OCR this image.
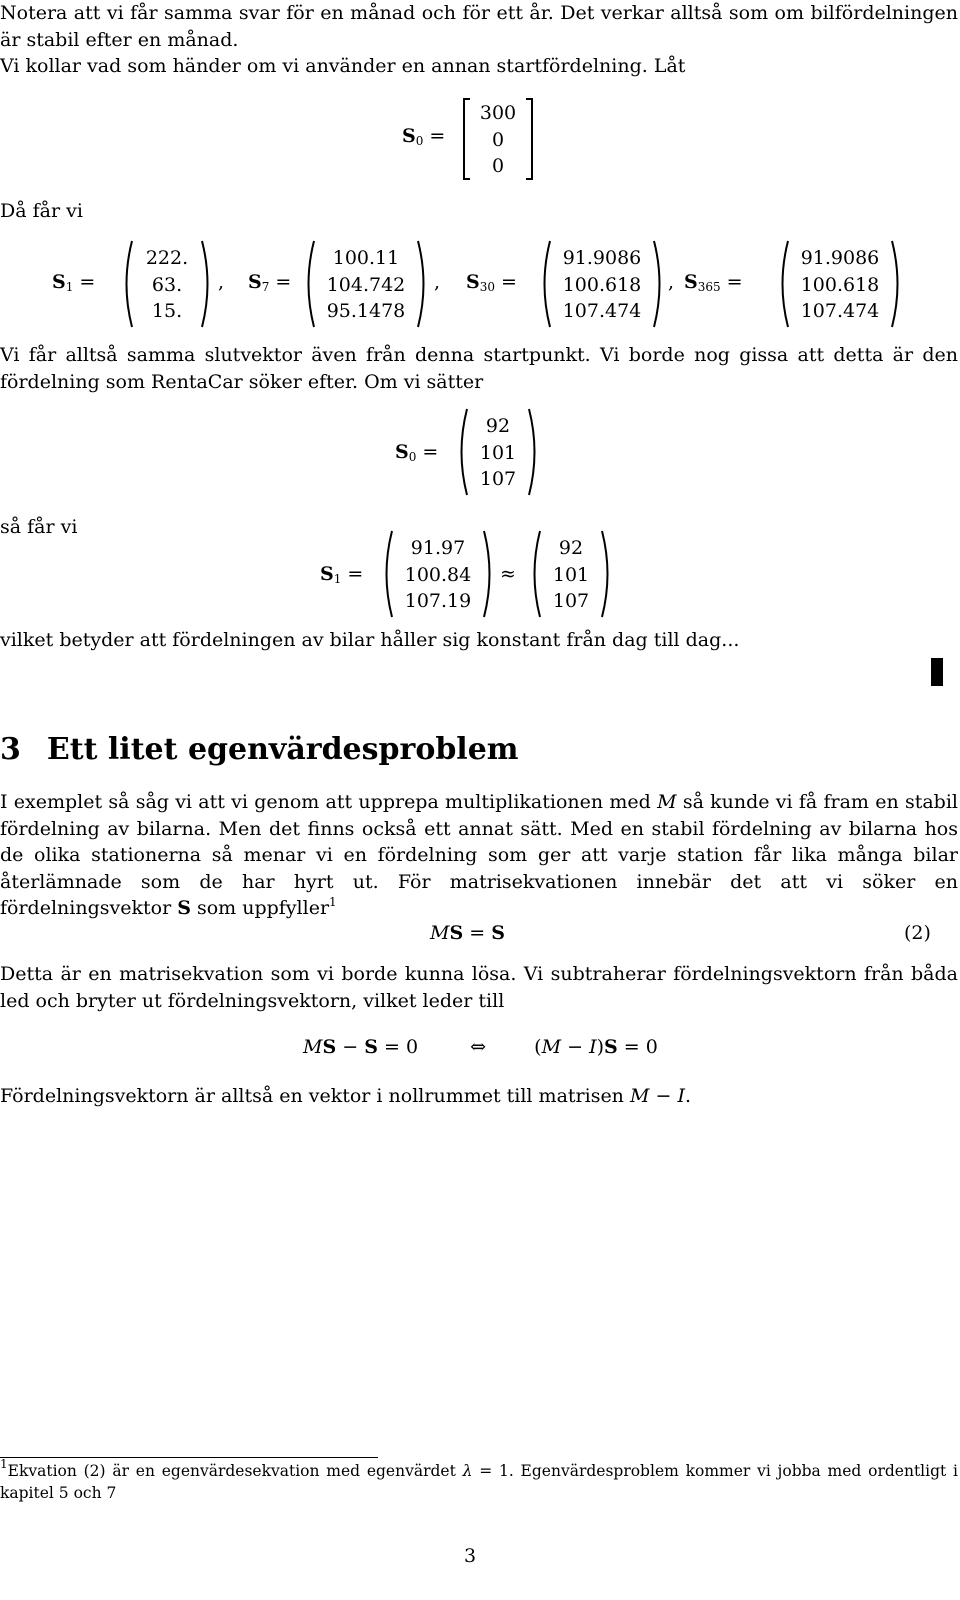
Notera att vi får samma svar för en månad och för ett år. Det verkar alltså som om bilfördelningen är stabil efter en månad.
Vi kollar vad som händer om vi använder en annan startfördelning. Låt
$S_0$ =
300
0
0
Då får vi
$S_1$ =
222.
63.
15.
, $S_7$ =
100.11
104.742
95.1478
, $S_{30}$ =
91.9086
100.618
107.474
, $S_{365}$ =
91.9086
100.618
107.474
Vi får alltså samma slutvektor även från denna startpunkt. Vi borde nog gissa att detta är den fördelning som RentaCar söker efter. Om vi sätter
$S_0$ =
92
101
107
så får vi
$S_1$ =
91.97
100.84
107.19
≈
92
101
107
vilket betyder att fördelningen av bilar håller sig konstant från dag till dag...
3 Ett litet egenvärdesproblem
I exemplet så såg vi att vi genom att upprepa multiplikationen med M så kunde vi få fram en stabil fördelning av bilarna. Men det finns också ett annat sätt. Med en stabil fördelning av bilarna hos de olika stationerna så menar vi en fördelning som ger att varje station får lika många bilar återlämnade som de har hyrt ut. För matrisekvationen innebär det att vi söker en fördelningsvektor S som uppfyller$^1$
MS = S	(2)
Detta är en matrisekvation som vi borde kunna lösa. Vi subtraherar fördelningsvektorn från båda led och bryter ut fördelningsvektorn, vilket leder till
MS − S = 0	⇔	(M − I)S = 0
Fördelningsvektorn är alltså en vektor i nollrummet till matrisen M − I.
$^1$Ekvation (2) är en egenvärdesekvation med egenvärdet λ = 1. Egenvärdesproblem kommer vi jobba med ordentligt i kapitel 5 och 7
3
